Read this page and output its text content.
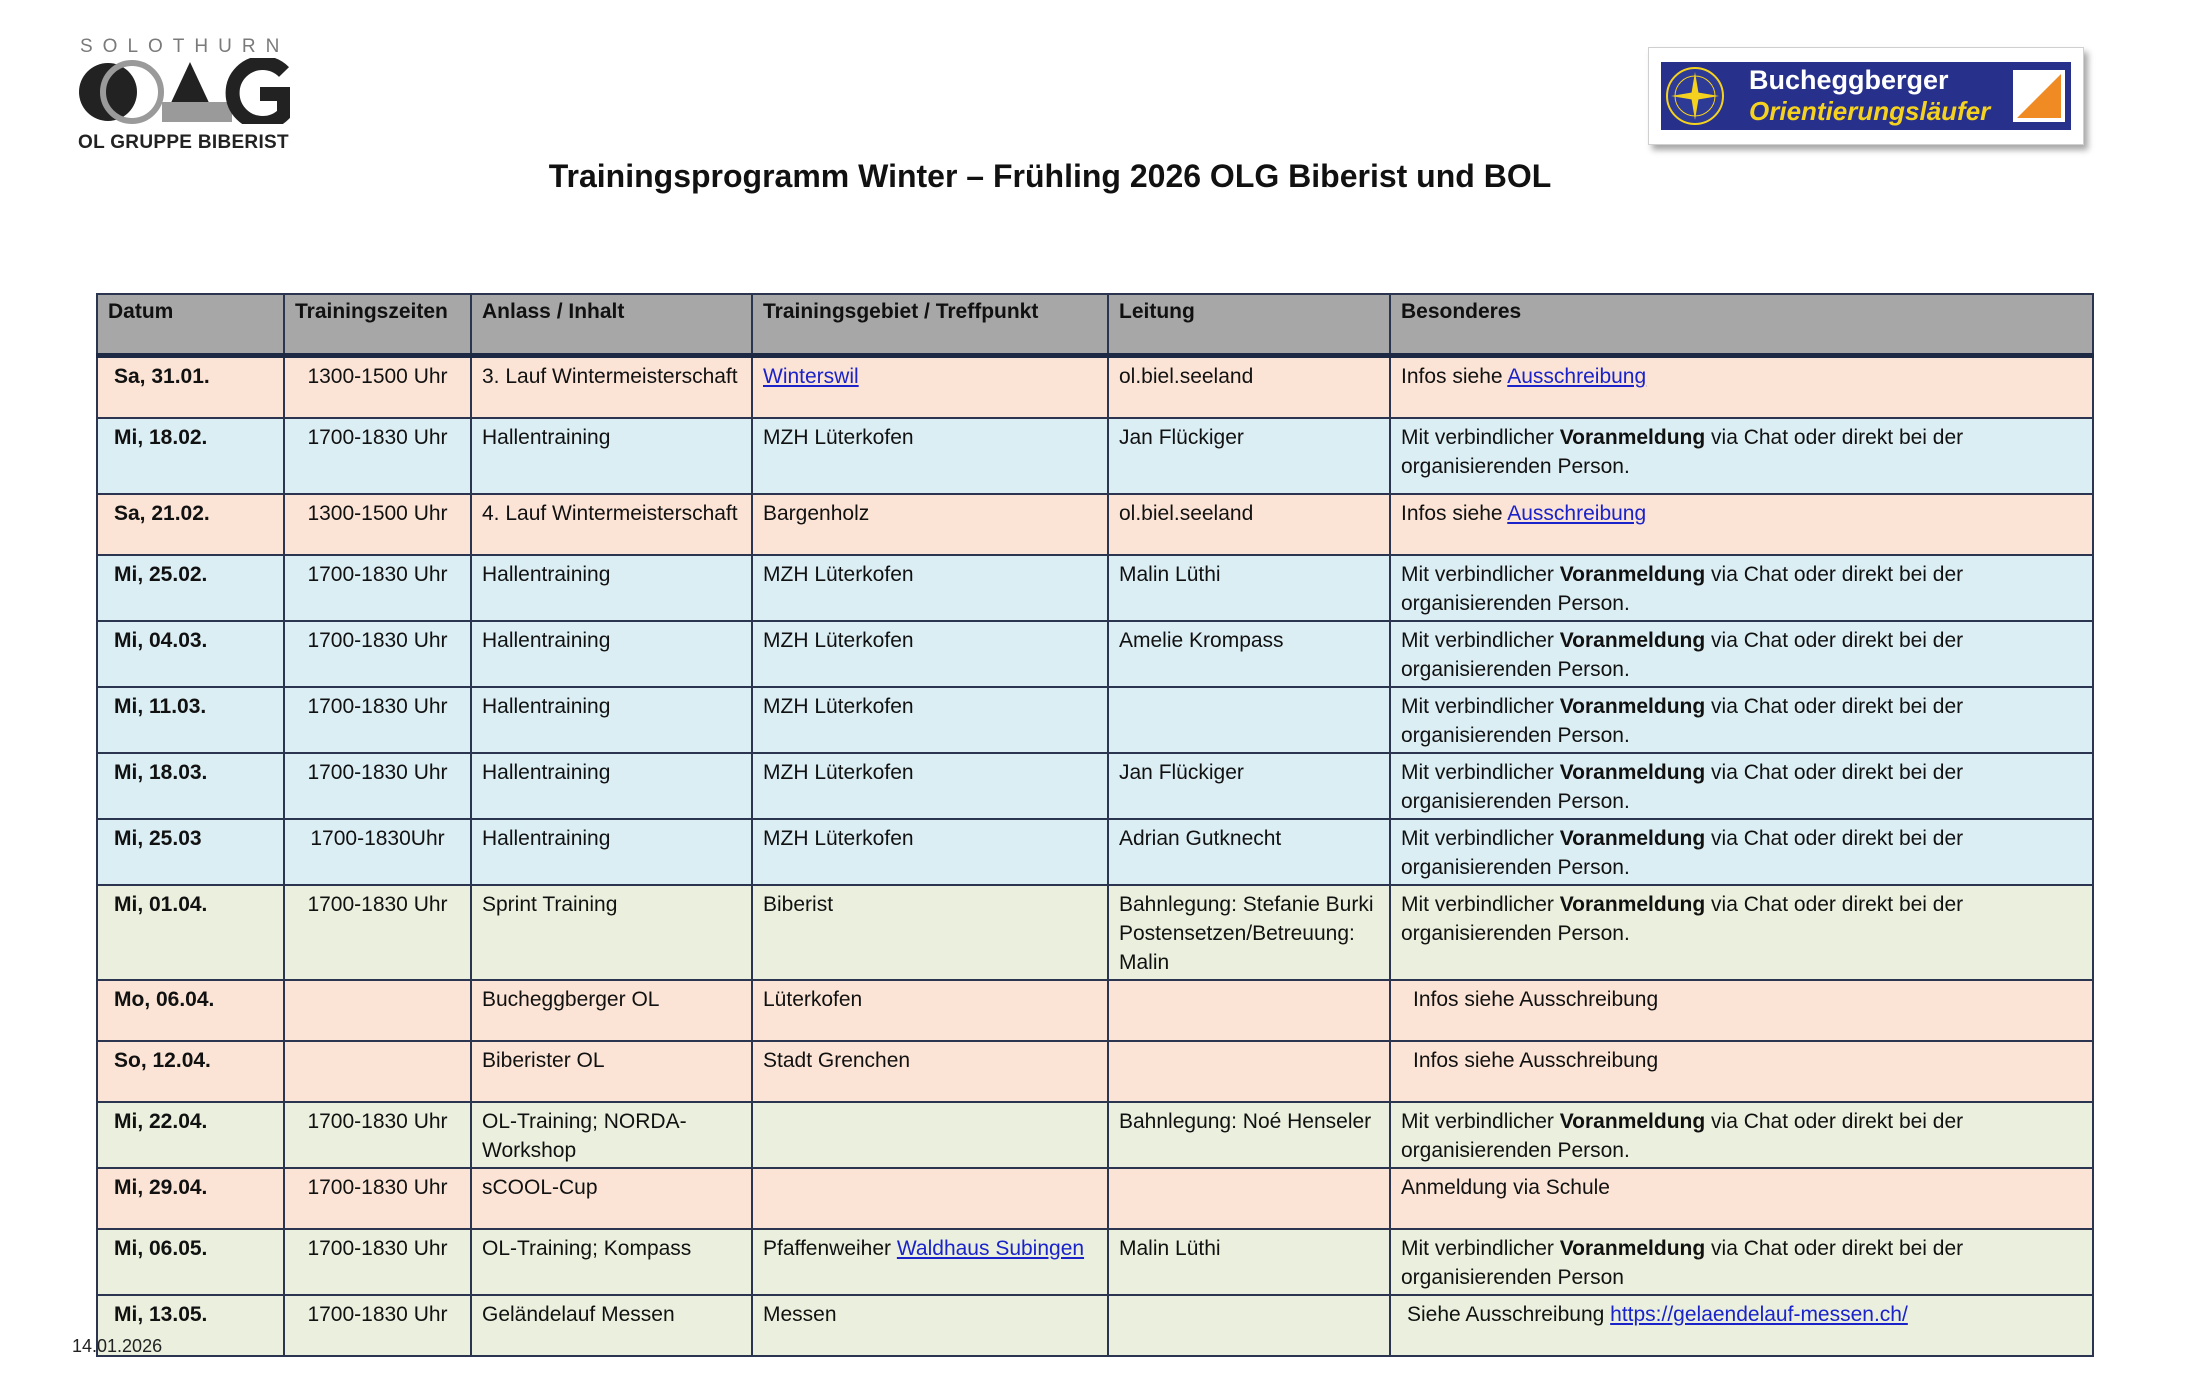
SOLOTHURN
OL GRUPPE BIBERIST
Bucheggberger
Orientierungsläufer
Trainingsprogramm Winter – Frühling 2026 OLG Biberist und BOL
Datum	Trainingszeiten	Anlass / Inhalt	Trainingsgebiet / Treffpunkt	Leitung	Besonderes
Sa, 31.01.	1300-1500 Uhr	3. Lauf Wintermeisterschaft	Winterswil	ol.biel.seeland	Infos siehe Ausschreibung
Mi, 18.02.	1700-1830 Uhr	Hallentraining	MZH Lüterkofen	Jan Flückiger	Mit verbindlicher Voranmeldung via Chat oder direkt bei der organisierenden Person.
Sa, 21.02.	1300-1500 Uhr	4. Lauf Wintermeisterschaft	Bargenholz	ol.biel.seeland	Infos siehe Ausschreibung
Mi, 25.02.	1700-1830 Uhr	Hallentraining	MZH Lüterkofen	Malin Lüthi	Mit verbindlicher Voranmeldung via Chat oder direkt bei der organisierenden Person.
Mi, 04.03.	1700-1830 Uhr	Hallentraining	MZH Lüterkofen	Amelie Krompass	Mit verbindlicher Voranmeldung via Chat oder direkt bei der organisierenden Person.
Mi, 11.03.	1700-1830 Uhr	Hallentraining	MZH Lüterkofen		Mit verbindlicher Voranmeldung via Chat oder direkt bei der organisierenden Person.
Mi, 18.03.	1700-1830 Uhr	Hallentraining	MZH Lüterkofen	Jan Flückiger	Mit verbindlicher Voranmeldung via Chat oder direkt bei der organisierenden Person.
Mi, 25.03	1700-1830Uhr	Hallentraining	MZH Lüterkofen	Adrian Gutknecht	Mit verbindlicher Voranmeldung via Chat oder direkt bei der organisierenden Person.
Mi, 01.04.	1700-1830 Uhr	Sprint Training	Biberist	Bahnlegung: Stefanie Burki Postensetzen/Betreuung: Malin	Mit verbindlicher Voranmeldung via Chat oder direkt bei der organisierenden Person.
Mo, 06.04.		Bucheggberger OL	Lüterkofen		Infos siehe Ausschreibung
So, 12.04.		Biberister OL	Stadt Grenchen		Infos siehe Ausschreibung
Mi, 22.04.	1700-1830 Uhr	OL-Training; NORDA-Workshop		Bahnlegung: Noé Henseler	Mit verbindlicher Voranmeldung via Chat oder direkt bei der organisierenden Person.
Mi, 29.04.	1700-1830 Uhr	sCOOL-Cup			Anmeldung via Schule
Mi, 06.05.	1700-1830 Uhr	OL-Training; Kompass	Pfaffenweiher Waldhaus Subingen	Malin Lüthi	Mit verbindlicher Voranmeldung via Chat oder direkt bei der organisierenden Person
Mi, 13.05.	1700-1830 Uhr	Geländelauf Messen	Messen		Siehe Ausschreibung https://gelaendelauf-messen.ch/
14.01.2026
